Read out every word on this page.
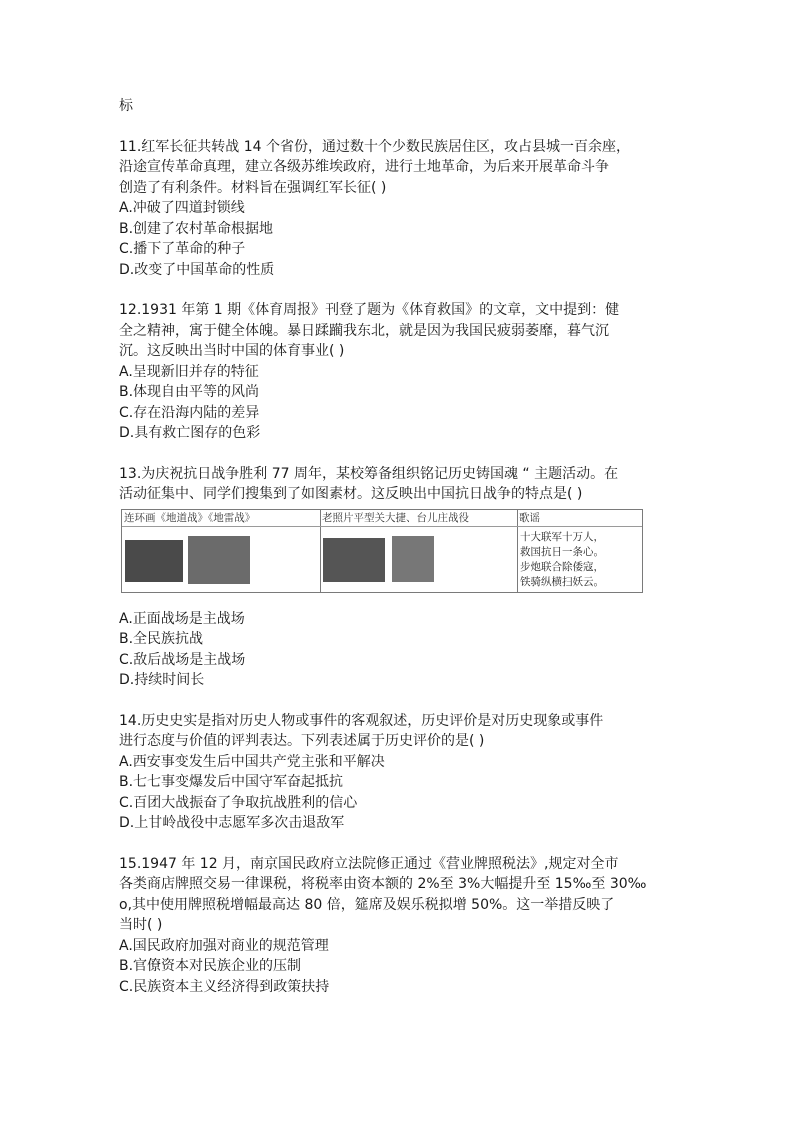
标
11.红军长征共转战 14 个省份，通过数十个少数民族居住区，攻占县城一百余座，
沿途宣传革命真理，建立各级苏维埃政府，进行土地革命，为后来开展革命斗争
创造了有利条件。材料旨在强调红军长征( )
A.冲破了四道封锁线
B.创建了农村革命根据地
C.播下了革命的种子
D.改变了中国革命的性质
12.1931 年第 1 期《体育周报》刊登了题为《体育救国》的文章，文中提到：健
全之精神，寓于健全体魄。暴日蹂躏我东北，就是因为我国民疲弱萎靡，暮气沉
沉。这反映出当时中国的体育事业( )
A.呈现新旧并存的特征
B.体现自由平等的风尚
C.存在沿海内陆的差异
D.具有救亡图存的色彩
13.为庆祝抗日战争胜利 77 周年，某校筹备组织铭记历史铸国魂 “ 主题活动。在
活动征集中、同学们搜集到了如图素材。这反映出中国抗日战争的特点是( )
连环画《地道战》《地雷战》	老照片平型关大捷、台儿庄战役	歌谣
十大联军十万人，
救国抗日一条心。
步炮联合除倭寇，
铁骑纵横扫妖云。
A.正面战场是主战场
B.全民族抗战
C.敌后战场是主战场
D.持续时间长
14.历史史实是指对历史人物或事件的客观叙述，历史评价是对历史现象或事件
进行态度与价值的评判表达。下列表述属于历史评价的是( )
A.西安事变发生后中国共产党主张和平解决
B.七七事变爆发后中国守军奋起抵抗
C.百团大战振奋了争取抗战胜利的信心
D.上甘岭战役中志愿军多次击退敌军
15.1947 年 12 月，南京国民政府立法院修正通过《营业牌照税法》,规定对全市
各类商店牌照交易一律课税，将税率由资本额的 2%至 3%大幅提升至 15‰至 30‰
o,其中使用牌照税增幅最高达 80 倍，筵席及娱乐税拟增 50%。这一举措反映了
当时( )
A.国民政府加强对商业的规范管理
B.官僚资本对民族企业的压制
C.民族资本主义经济得到政策扶持
